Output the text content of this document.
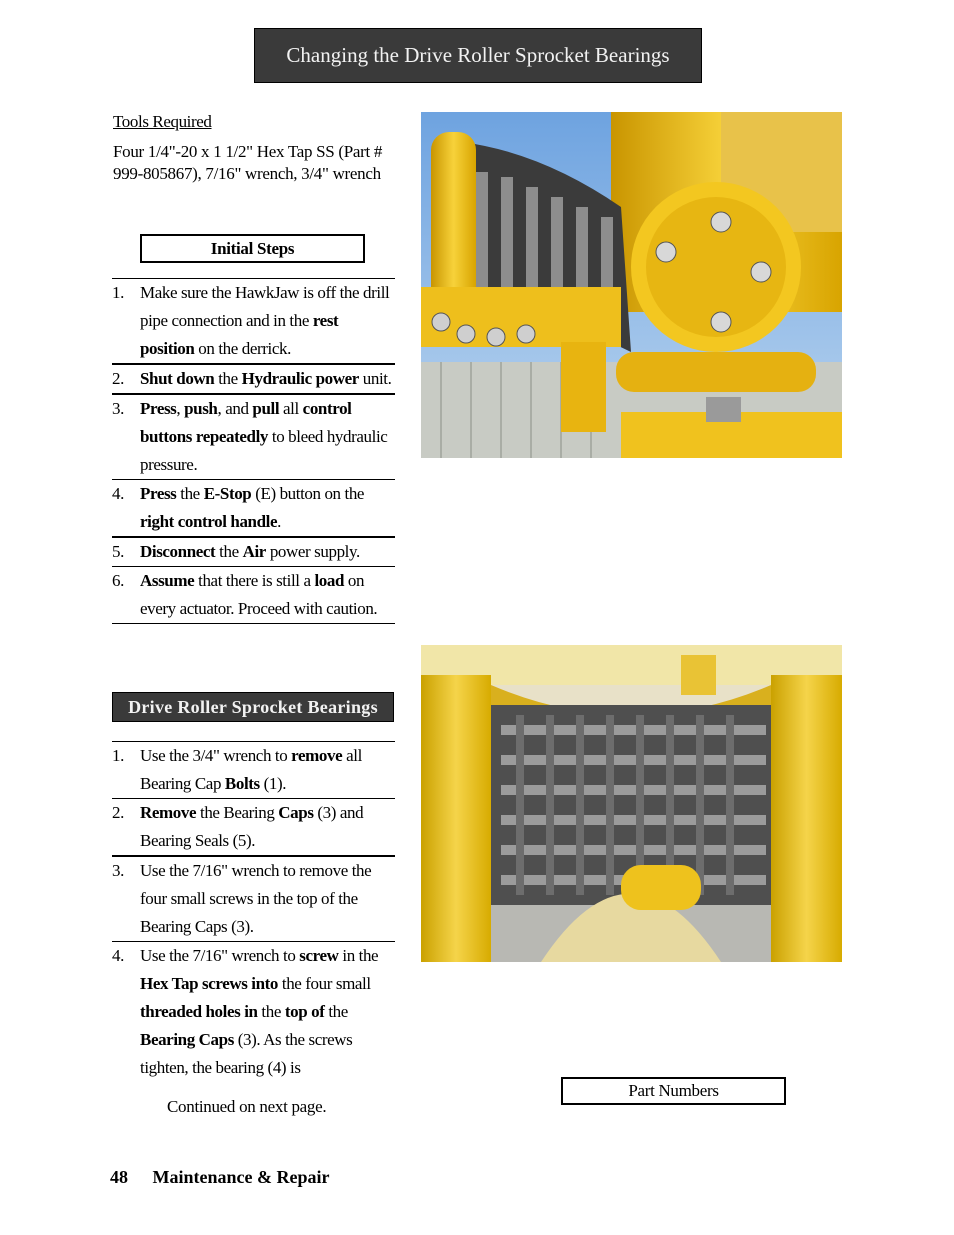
Changing the Drive Roller Sprocket Bearings
Tools Required
Four 1/4"-20 x 1 1/2" Hex Tap SS (Part # 999-805867), 7/16" wrench, 3/4" wrench
Initial Steps
1. Make sure the HawkJaw is off the drill pipe connection and in the rest position on the derrick.
2. Shut down the Hydraulic power unit.
3. Press, push, and pull all control buttons repeatedly to bleed hydraulic pressure.
4. Press the E-Stop (E) button on the right control handle.
5. Disconnect the Air power supply.
6. Assume that there is still a load on every actuator. Proceed with caution.
Drive Roller Sprocket Bearings
1. Use the 3/4" wrench to remove all Bearing Cap Bolts (1).
2. Remove the Bearing Caps (3) and Bearing Seals (5).
3. Use the 7/16" wrench to remove the four small screws in the top of the Bearing Caps (3).
4. Use the 7/16" wrench to screw in the Hex Tap screws into the four small threaded holes in the top of the Bearing Caps (3). As the screws tighten, the bearing (4) is
Continued on next page.
Part Numbers
48 Maintenance & Repair
